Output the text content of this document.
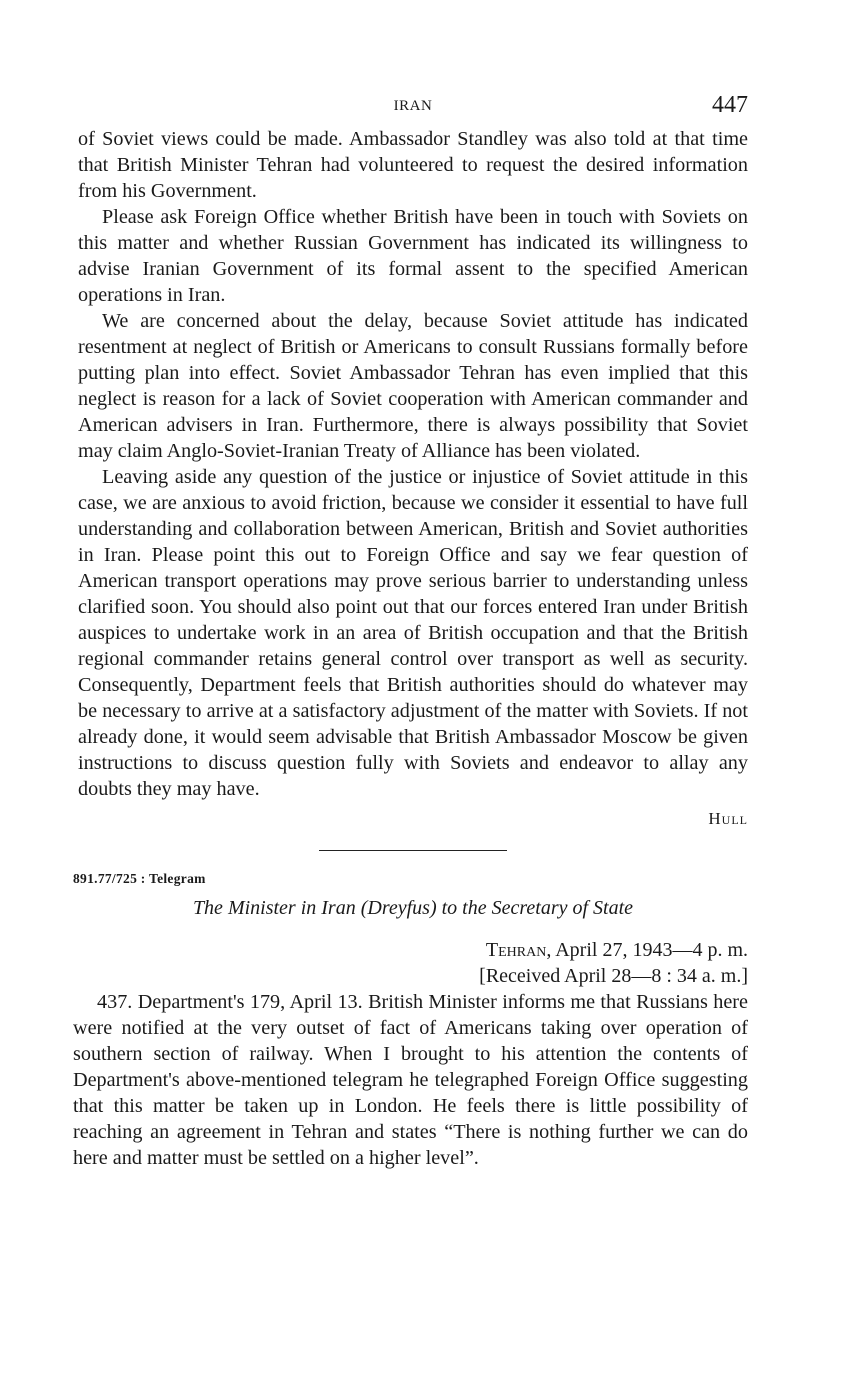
IRAN	447

of Soviet views could be made. Ambassador Standley was also told at that time that British Minister Tehran had volunteered to request the desired information from his Government.

Please ask Foreign Office whether British have been in touch with Soviets on this matter and whether Russian Government has indicated its willingness to advise Iranian Government of its formal assent to the specified American operations in Iran.

We are concerned about the delay, because Soviet attitude has indicated resentment at neglect of British or Americans to consult Russians formally before putting plan into effect. Soviet Ambassador Tehran has even implied that this neglect is reason for a lack of Soviet cooperation with American commander and American advisers in Iran. Furthermore, there is always possibility that Soviet may claim Anglo-Soviet-Iranian Treaty of Alliance has been violated.

Leaving aside any question of the justice or injustice of Soviet attitude in this case, we are anxious to avoid friction, because we consider it essential to have full understanding and collaboration between American, British and Soviet authorities in Iran. Please point this out to Foreign Office and say we fear question of American transport operations may prove serious barrier to understanding unless clarified soon. You should also point out that our forces entered Iran under British auspices to undertake work in an area of British occupation and that the British regional commander retains general control over transport as well as security. Consequently, Department feels that British authorities should do whatever may be necessary to arrive at a satisfactory adjustment of the matter with Soviets. If not already done, it would seem advisable that British Ambassador Moscow be given instructions to discuss question fully with Soviets and endeavor to allay any doubts they may have.

Hull
891.77/725 : Telegram
The Minister in Iran (Dreyfus) to the Secretary of State
Tehran, April 27, 1943—4 p. m.
[Received April 28—8 : 34 a. m.]

437. Department's 179, April 13. British Minister informs me that Russians here were notified at the very outset of fact of Americans taking over operation of southern section of railway. When I brought to his attention the contents of Department's above-mentioned telegram he telegraphed Foreign Office suggesting that this matter be taken up in London. He feels there is little possibility of reaching an agreement in Tehran and states “There is nothing further we can do here and matter must be settled on a higher level”.
